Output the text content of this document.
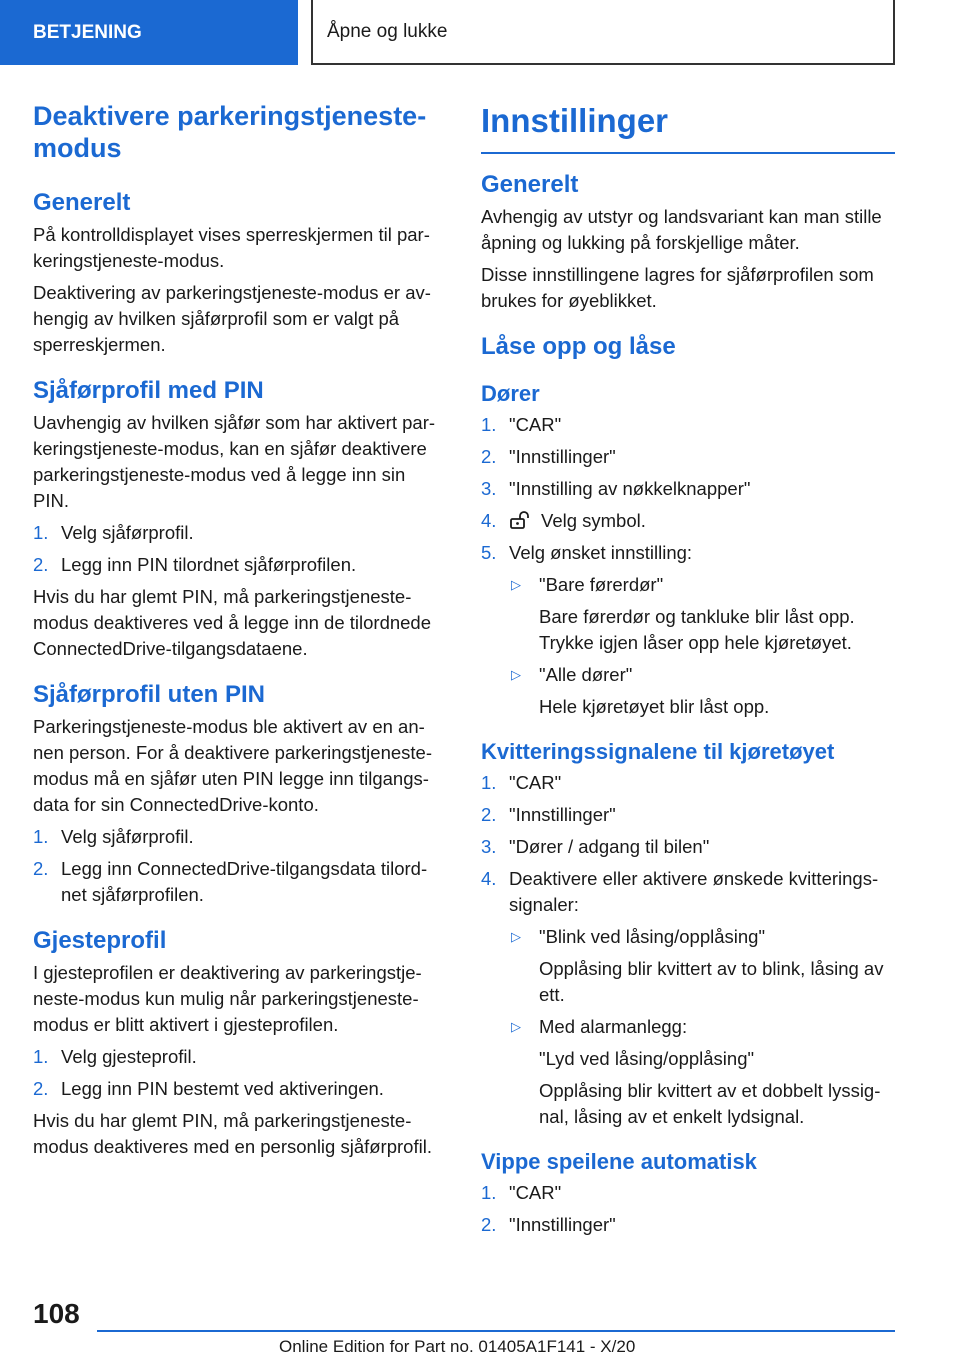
BETJENING	Åpne og lukke
Deaktivere parkeringstjeneste-modus
Generelt

På kontrolldisplayet vises sperreskjermen til par-keringstjeneste-modus.

Deaktivering av parkeringstjeneste-modus er av-hengig av hvilken sjåførprofil som er valgt på sperreskjermen.

Sjåførprofil med PIN

Uavhengig av hvilken sjåfør som har aktivert par-keringstjeneste-modus, kan en sjåfør deaktivere parkeringstjeneste-modus ved å legge inn sin PIN.

1. Velg sjåførprofil.
2. Legg inn PIN tilordnet sjåførprofilen.

Hvis du har glemt PIN, må parkeringstjeneste-modus deaktiveres ved å legge inn de tilordnede ConnectedDrive-tilgangsdataene.

Sjåførprofil uten PIN

Parkeringstjeneste-modus ble aktivert av en an-nen person. For å deaktivere parkeringstjeneste-modus må en sjåfør uten PIN legge inn tilgangs-data for sin ConnectedDrive-konto.

1. Velg sjåførprofil.
2. Legg inn ConnectedDrive-tilgangsdata tilord-net sjåførprofilen.
Gjesteprofil

I gjesteprofilen er deaktivering av parkeringstje-neste-modus kun mulig når parkeringstjeneste-modus er blitt aktivert i gjesteprofilen.

1. Velg gjesteprofil.
2. Legg inn PIN bestemt ved aktiveringen.

Hvis du har glemt PIN, må parkeringstjeneste-modus deaktiveres med en personlig sjåførprofil.

Innstillinger
Generelt

Avhengig av utstyr og landsvariant kan man stille åpning og lukking på forskjellige måter.

Disse innstillingene lagres for sjåførprofilen som brukes for øyeblikket.

Låse opp og låse
Dører
1. "CAR"
2. "Innstillinger"
3. "Innstilling av nøkkelknapper"
4.	Velg symbol.
5. Velg ønsket innstilling:
▷ "Bare førerdør"
Bare førerdør og tankluke blir låst opp. Trykke igjen låser opp hele kjøretøyet.
▷ "Alle dører"
Hele kjøretøyet blir låst opp.
Kvitteringssignalene til kjøretøyet
1. "CAR"
2. "Innstillinger"
3. "Dører / adgang til bilen"
4. Deaktivere eller aktivere ønskede kvitterings-signaler:
▷ "Blink ved låsing/opplåsing"
Opplåsing blir kvittert av to blink, låsing av ett.
▷ Med alarmanlegg:
"Lyd ved låsing/opplåsing"
Opplåsing blir kvittert av et dobbelt lyssig-nal, låsing av et enkelt lydsignal.
Vippe speilene automatisk
1. "CAR"
2. "Innstillinger"
108
Online Edition for Part no. 01405A1F141 - X/20
